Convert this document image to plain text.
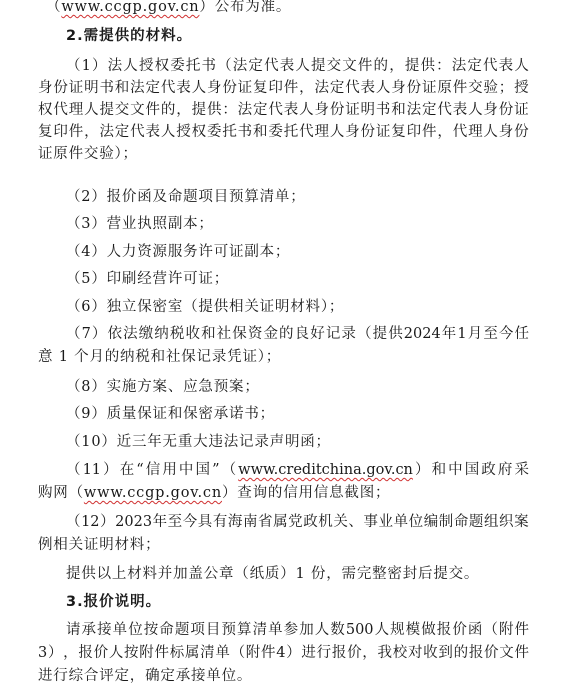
（www.ccgp.gov.cn）公布为准。
2.需提供的材料。
（ 1 ） 法 人 授 权 委 托 书 （ 法 定 代 表 人 提 交 文 件 的 ， 提 供 ： 法 定 代 表 人
身 份 证 明 书 和 法 定 代 表 人 身 份 证 复 印 件 ， 法 定 代 表 人 身 份 证 原 件 交 验 ； 授
权 代 理 人 提 交 文 件 的 ， 提 供 ： 法 定 代 表 人 身 份 证 明 书 和 法 定 代 表 人 身 份 证
复 印 件 ， 法 定 代 表 人 授 权 委 托 书 和 委 托 代 理 人 身 份 证 复 印 件 ， 代 理 人 身 份
证原件交验）；
（2）报价函及命题项目预算清单；
（3）营业执照副本；
（4）人力资源服务许可证副本；
（5）印刷经营许可证；
（6）独立保密室（提供相关证明材料）；
（ 7 ） 依 法 缴 纳 税 收 和 社 保 资 金 的 良 好 记 录 （ 提 供 2024 年 1 月 至 今 任
意 1 个月的纳税和社保记录凭证）；
（8）实施方案、应急预案；
（9）质量保证和保密承诺书；
（10）近三年无重大违法记录声明函；
（ 11 ） 在 “ 信 用 中 国 ” （ www.creditchina.gov.cn ） 和 中 国 政 府 采
购网（www.ccgp.gov.cn）查询的信用信息截图；
（ 12 ） 2023 年 至 今 具 有 海 南 省 属 党 政 机 关 、 事 业 单 位 编 制 命 题 组 织 案
例相关证明材料；
提供以上材料并加盖公章（纸质）1 份，需完整密封后提交。
3.报价说明。
请 承 接 单 位 按 命 题 项 目 预 算 清 单 参 加 人 数 500 人 规 模 做 报 价 函 （ 附 件
3 ） ， 报 价 人 按 附 件 标 属 清 单 （ 附 件 4 ） 进 行 报 价 ， 我 校 对 收 到 的 报 价 文 件
进行综合评定，确定承接单位。
